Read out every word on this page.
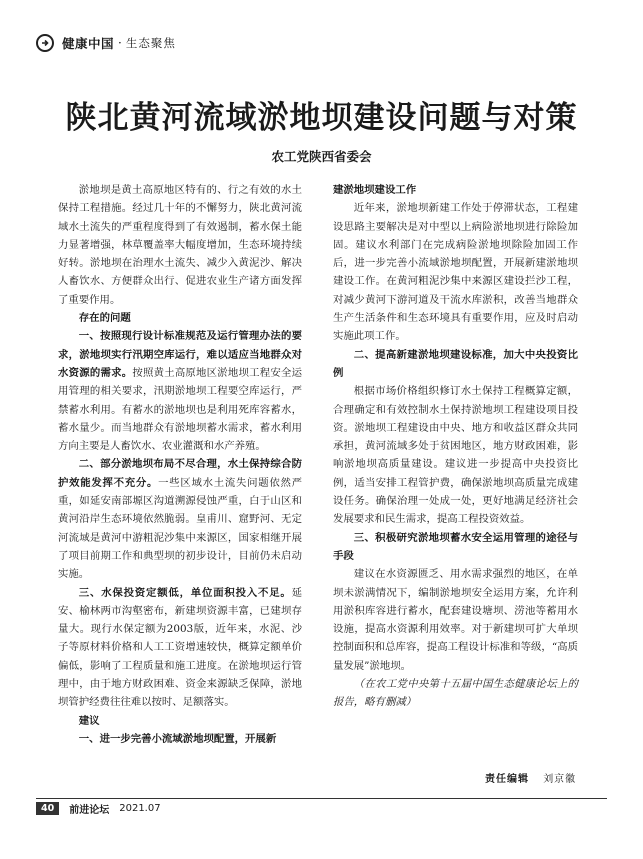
健康中国 · 生态聚焦
陕北黄河流域淤地坝建设问题与对策
农工党陕西省委会

淤地坝是黄土高原地区特有的、行之有效的水土保持工程措施。经过几十年的不懈努力，陕北黄河流域水土流失的严重程度得到了有效遏制，蓄水保土能力显著增强，林草覆盖率大幅度增加，生态环境持续好转。淤地坝在治理水土流失、减少入黄泥沙、解决人畜饮水、方便群众出行、促进农业生产诸方面发挥了重要作用。

存在的问题

一、按照现行设计标准规范及运行管理办法的要求，淤地坝实行汛期空库运行，难以适应当地群众对水资源的需求。按照黄土高原地区淤地坝工程安全运用管理的相关要求，汛期淤地坝工程要空库运行，严禁蓄水利用。有蓄水的淤地坝也是利用死库容蓄水，蓄水量少。而当地群众有淤地坝蓄水需求，蓄水利用方向主要是人畜饮水、农业灌溉和水产养殖。

二、部分淤地坝布局不尽合理，水土保持综合防护效能发挥不充分。一些区域水土流失问题依然严重，如延安南部塬区沟道溯源侵蚀严重，白于山区和黄河沿岸生态环境依然脆弱。皇甫川、窟野河、无定河流域是黄河中游粗泥沙集中来源区，国家相继开展了项目前期工作和典型坝的初步设计，目前仍未启动实施。

三、水保投资定额低，单位面积投入不足。延安、榆林两市沟壑密布，新建坝资源丰富，已建坝存量大。现行水保定额为2003版，近年来，水泥、沙子等原材料价格和人工工资增速较快，概算定额单价偏低，影响了工程质量和施工进度。在淤地坝运行管理中，由于地方财政困难、资金来源缺乏保障，淤地坝管护经费往往难以按时、足额落实。

建议

一、进一步完善小流域淤地坝配置，开展新

建淤地坝建设工作

近年来，淤地坝新建工作处于停滞状态，工程建设思路主要解决是对中型以上病险淤地坝进行除险加固。建议水利部门在完成病险淤地坝除险加固工作后，进一步完善小流域淤地坝配置，开展新建淤地坝建设工作。在黄河粗泥沙集中来源区建设拦沙工程，对减少黄河下游河道及干流水库淤积，改善当地群众生产生活条件和生态环境具有重要作用，应及时启动实施此项工作。

二、提高新建淤地坝建设标准，加大中央投资比例

根据市场价格组织修订水土保持工程概算定额，合理确定和有效控制水土保持淤地坝工程建设项目投资。淤地坝工程建设由中央、地方和收益区群众共同承担，黄河流域多处于贫困地区，地方财政困难，影响淤地坝高质量建设。建议进一步提高中央投资比例，适当安排工程管护费，确保淤地坝高质量完成建设任务。确保治理一处成一处，更好地满足经济社会发展要求和民生需求，提高工程投资效益。

三、积极研究淤地坝蓄水安全运用管理的途径与手段

建议在水资源匮乏、用水需求强烈的地区，在单坝未淤满情况下，编制淤地坝安全运用方案，允许利用淤积库容进行蓄水，配套建设塘坝、涝池等蓄用水设施，提高水资源利用效率。对于新建坝可扩大单坝控制面积和总库容，提高工程设计标准和等级，“高质量发展”淤地坝。

（在农工党中央第十五届中国生态健康论坛上的报告，略有删减）

责任编辑 刘京徽
40	前进论坛 2021.07
